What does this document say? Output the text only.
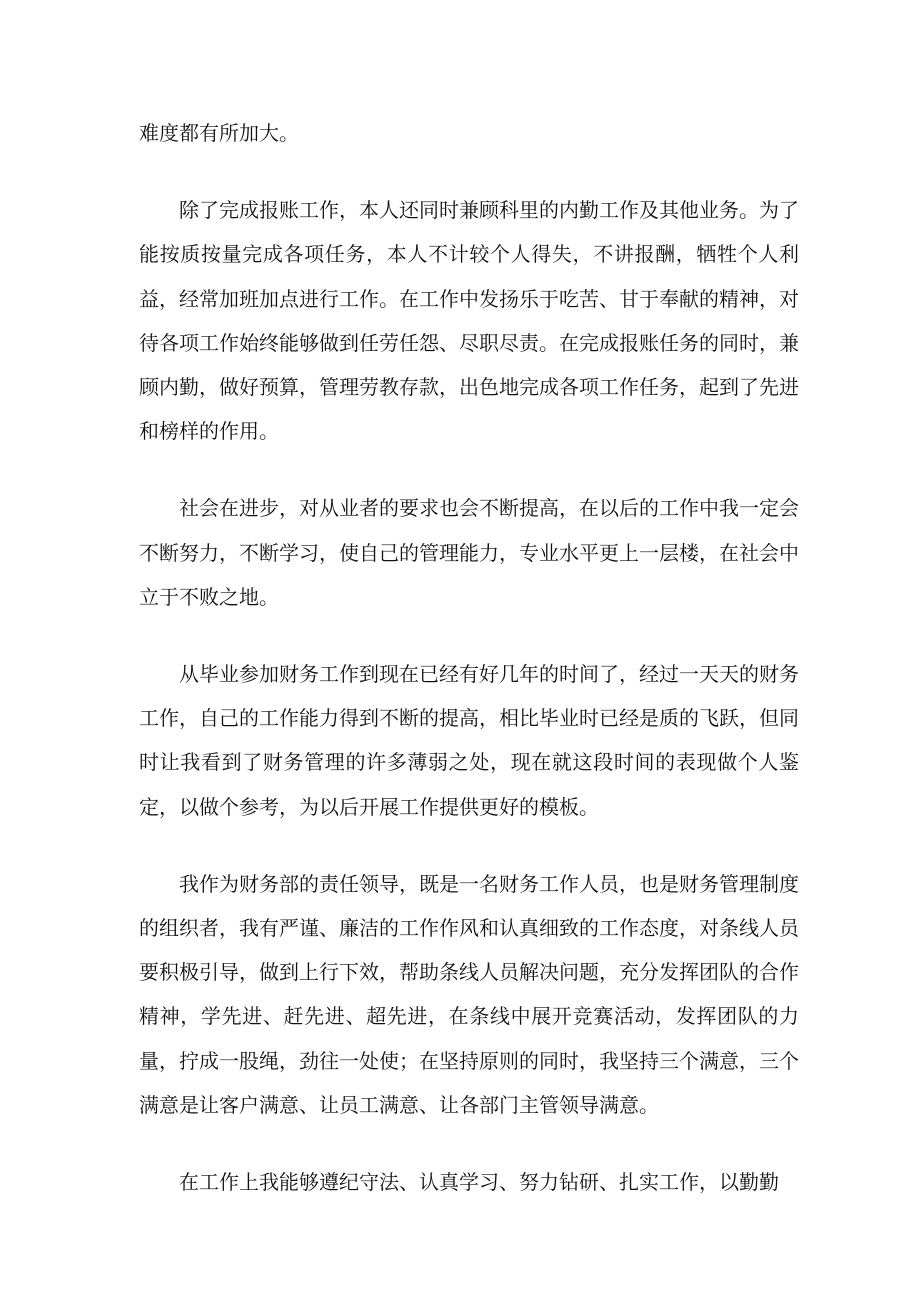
难度都有所加大。

除了完成报账工作，本人还同时兼顾科里的内勤工作及其他业务。为了能按质按量完成各项任务，本人不计较个人得失，不讲报酬，牺牲个人利益，经常加班加点进行工作。在工作中发扬乐于吃苦、甘于奉献的精神，对待各项工作始终能够做到任劳任怨、尽职尽责。在完成报账任务的同时，兼顾内勤，做好预算，管理劳教存款，出色地完成各项工作任务，起到了先进和榜样的作用。

社会在进步，对从业者的要求也会不断提高，在以后的工作中我一定会不断努力，不断学习，使自己的管理能力，专业水平更上一层楼，在社会中立于不败之地。

从毕业参加财务工作到现在已经有好几年的时间了，经过一天天的财务工作，自己的工作能力得到不断的提高，相比毕业时已经是质的飞跃，但同时让我看到了财务管理的许多薄弱之处，现在就这段时间的表现做个人鉴定，以做个参考，为以后开展工作提供更好的模板。

我作为财务部的责任领导，既是一名财务工作人员，也是财务管理制度的组织者，我有严谨、廉洁的工作作风和认真细致的工作态度，对条线人员要积极引导，做到上行下效，帮助条线人员解决问题，充分发挥团队的合作精神，学先进、赶先进、超先进，在条线中展开竞赛活动，发挥团队的力量，拧成一股绳，劲往一处使；在坚持原则的同时，我坚持三个满意，三个满意是让客户满意、让员工满意、让各部门主管领导满意。

在工作上我能够遵纪守法、认真学习、努力钻研、扎实工作，以勤勤
